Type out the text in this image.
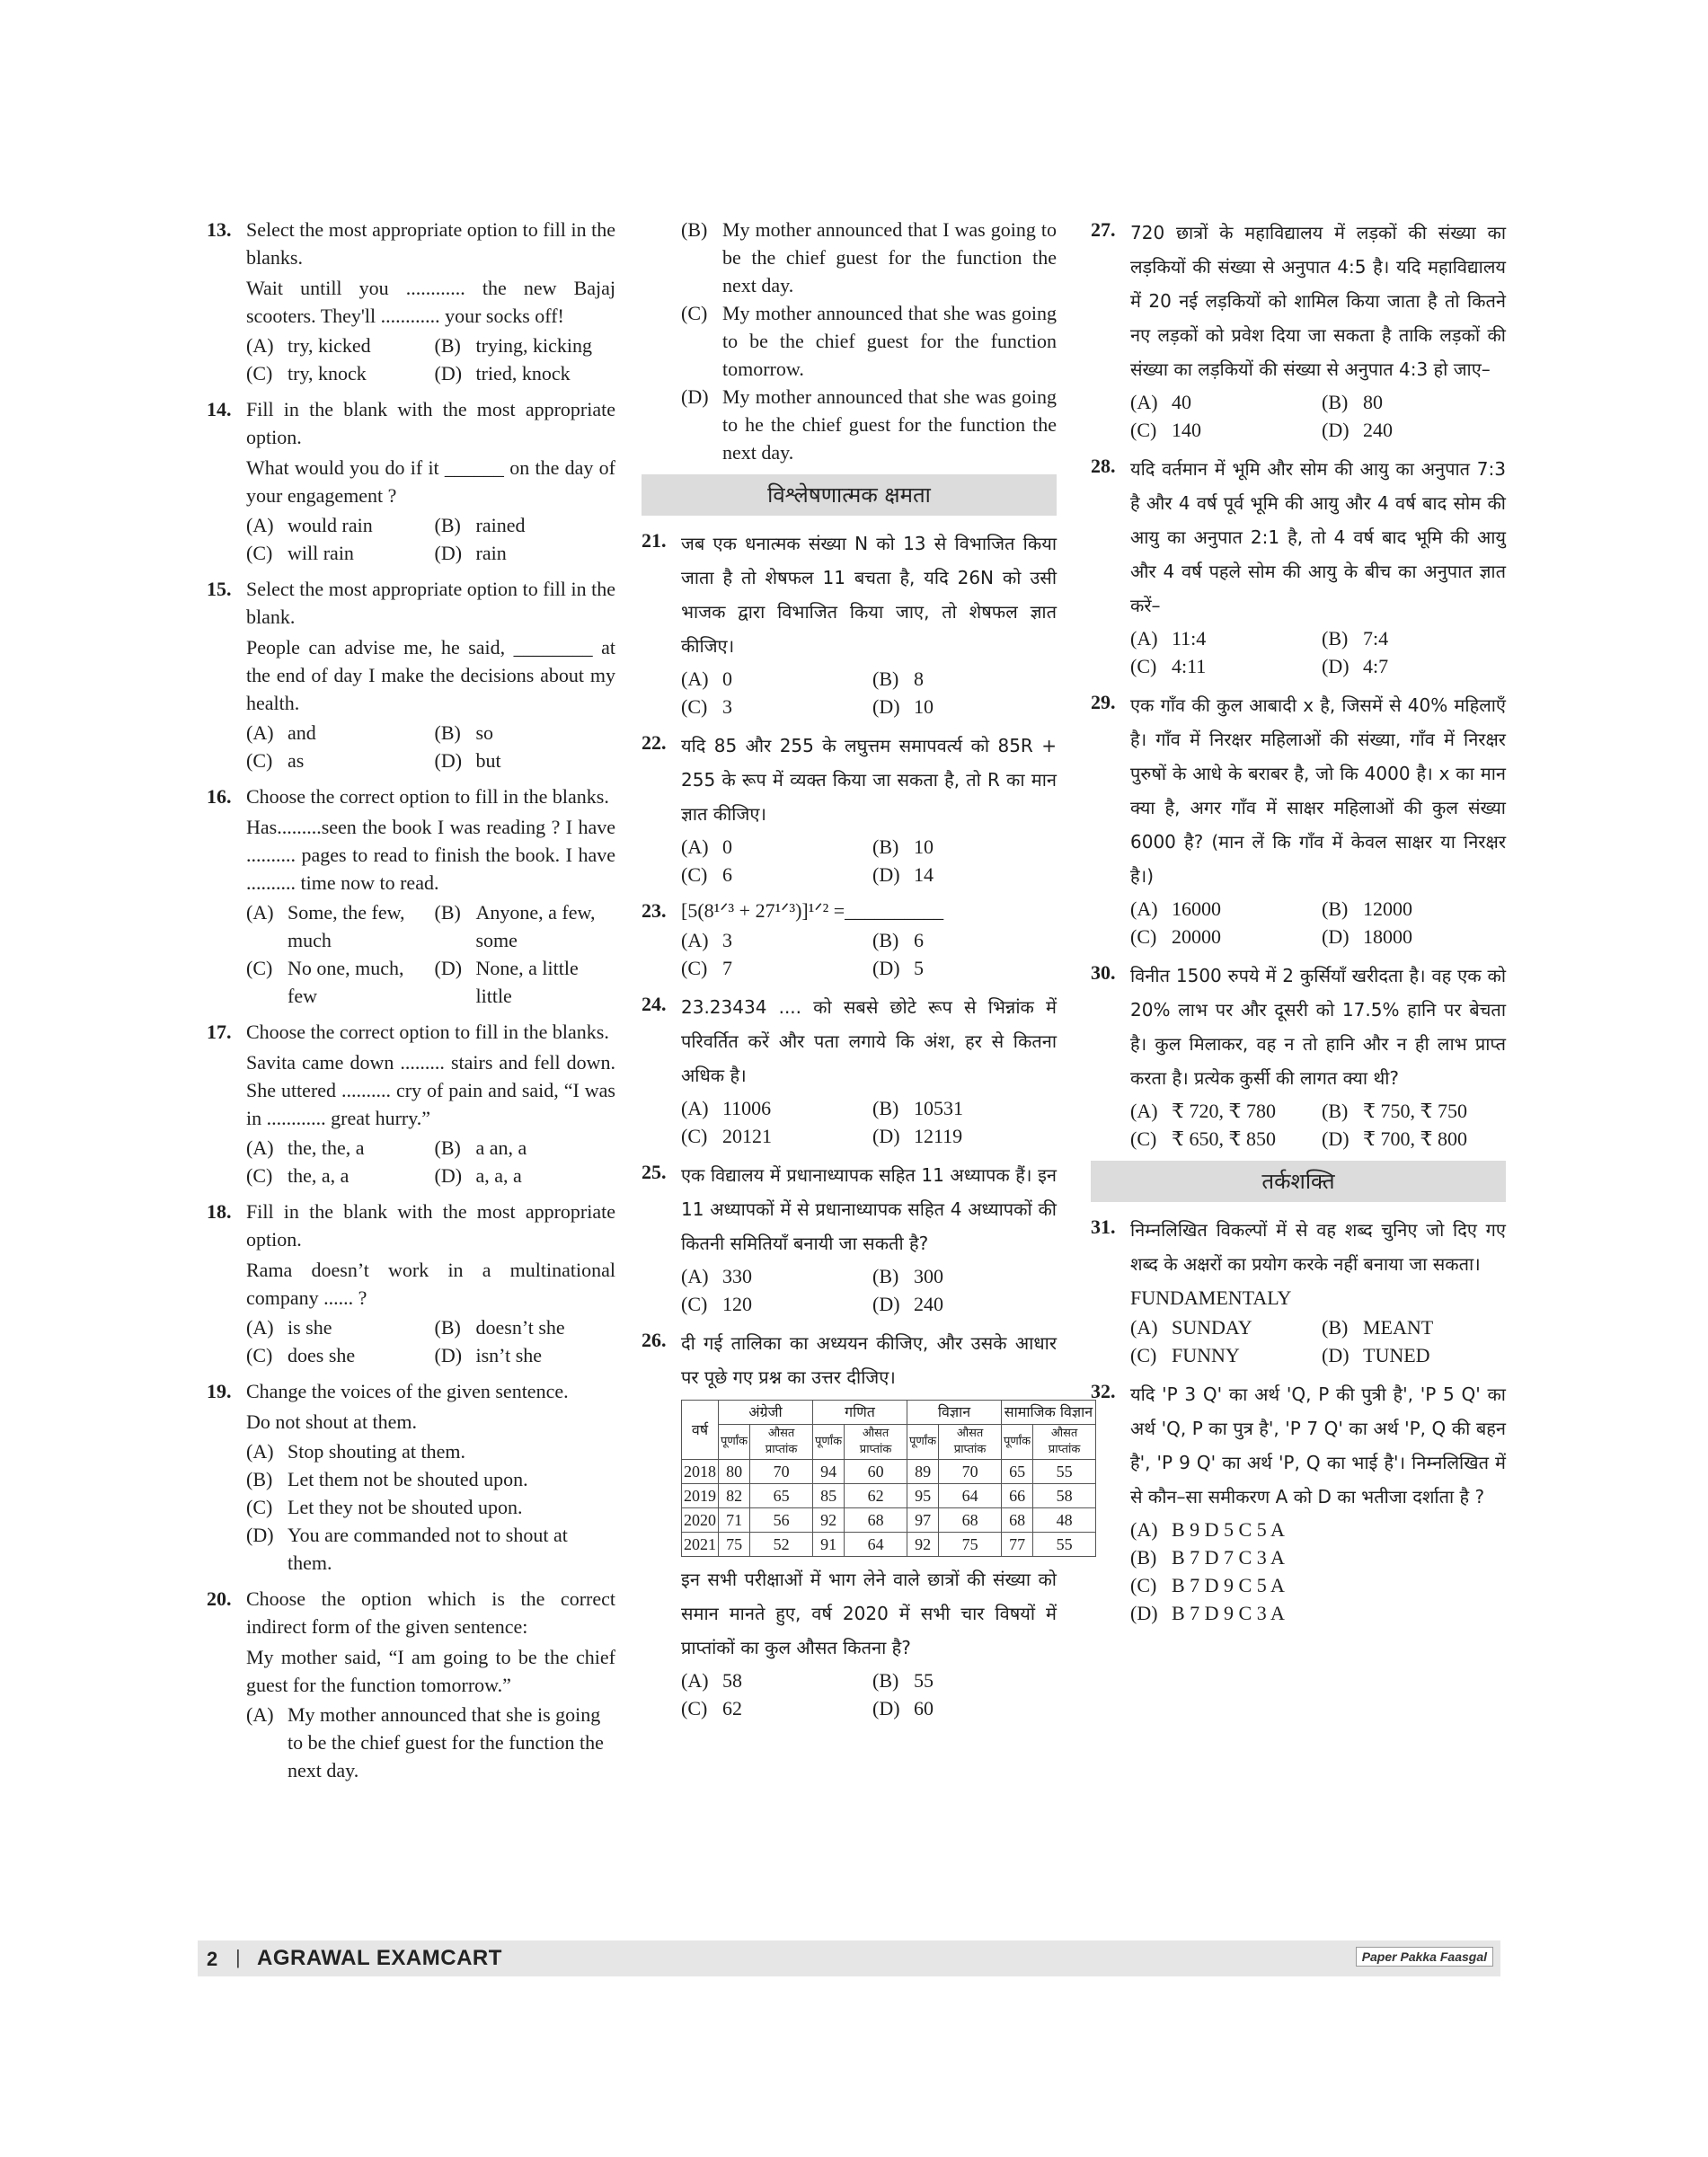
13. Select the most appropriate option to fill in the blanks.
Wait untill you ............ the new Bajaj scooters. They'll ............ your socks off!
(A) try, kicked	(B) trying, kicking
(C) try, knock	(D) tried, knock
14. Fill in the blank with the most appropriate option.
What would you do if it ______ on the day of your engagement ?
(A) would rain	(B) rained
(C) will rain	(D) rain
15. Select the most appropriate option to fill in the blank.
People can advise me, he said, ________ at the end of day I make the decisions about my health.
(A) and	(B) so
(C) as	(D) but
16. Choose the correct option to fill in the blanks.
Has.........seen the book I was reading ? I have .......... pages to read to finish the book. I have .......... time now to read.
(A) Some, the few, much
(B) Anyone, a few, some
(C) No one, much, few
(D) None, a little little
17. Choose the correct option to fill in the blanks.
Savita came down ......... stairs and fell down. She uttered .......... cry of pain and said, “I was in ............ great hurry.”
(A) the, the, a	(B) a an, a
(C) the, a, a	(D) a, a, a
18. Fill in the blank with the most appropriate option.
Rama doesn’t work in a multinational company ...... ?
(A) is she	(B) doesn’t she
(C) does she	(D) isn’t she
19. Change the voices of the given sentence.
Do not shout at them.
(A) Stop shouting at them.
(B) Let them not be shouted upon.
(C) Let they not be shouted upon.
(D) You are commanded not to shout at them.
20. Choose the option which is the correct indirect form of the given sentence:
My mother said, “I am going to be the chief guest for the function tomorrow.”
(A) My mother announced that she is going to be the chief guest for the function the next day.
(B) My mother announced that I was going to be the chief guest for the function the next day.
(C) My mother announced that she was going to be the chief guest for the function tomorrow.
(D) My mother announced that she was going to he the chief guest for the function the next day.
विश्लेषणात्मक क्षमता
21. जब एक धनात्मक संख्या N को 13 से विभाजित किया जाता है तो शेषफल 11 बचता है, यदि 26N को उसी भाजक द्वारा विभाजित किया जाए, तो शेषफल ज्ञात कीजिए।
(A) 0	(B) 8
(C) 3	(D) 10
22. यदि 85 और 255 के लघुत्तम समापवर्त्य को 85R + 255 के रूप में व्यक्त किया जा सकता है, तो R का मान ज्ञात कीजिए।
(A) 0	(B) 10
(C) 6	(D) 14
23. [5(8¹ᐟ³ + 27¹ᐟ³)]¹ᐟ² =__________
(A) 3	(B) 6
(C) 7	(D) 5
24. 23.23434 .... को सबसे छोटे रूप से भिन्नांक में परिवर्तित करें और पता लगाये कि अंश, हर से कितना अधिक है।
(A) 11006	(B) 10531
(C) 20121	(D) 12119
25. एक विद्यालय में प्रधानाध्यापक सहित 11 अध्यापक हैं। इन 11 अध्यापकों में से प्रधानाध्यापक सहित 4 अध्यापकों की कितनी समितियाँ बनायी जा सकती है?
(A) 330	(B) 300
(C) 120	(D) 240
26. दी गई तालिका का अध्ययन कीजिए, और उसके आधार पर पूछे गए प्रश्न का उत्तर दीजिए।
वर्ष	अंग्रेजी		गणित		विज्ञान		सामाजिक विज्ञान	
	पूर्णांक	औसत प्राप्तांक	पूर्णांक	औसत प्राप्तांक	पूर्णांक	औसत प्राप्तांक	पूर्णांक	औसत प्राप्तांक
2018	80	70	94	60	89	70	65	55
2019	82	65	85	62	95	64	66	58
2020	71	56	92	68	97	68	68	48
2021	75	52	91	64	92	75	77	55
इन सभी परीक्षाओं में भाग लेने वाले छात्रों की संख्या को समान मानते हुए, वर्ष 2020 में सभी चार विषयों में प्राप्तांकों का कुल औसत कितना है?
(A) 58	(B) 55
(C) 62	(D) 60
27. 720 छात्रों के महाविद्यालय में लड़कों की संख्या का लड़कियों की संख्या से अनुपात 4:5 है। यदि महाविद्यालय में 20 नई लड़कियों को शामिल किया जाता है तो कितने नए लड़कों को प्रवेश दिया जा सकता है ताकि लड़कों की संख्या का लड़कियों की संख्या से अनुपात 4:3 हो जाए–
(A) 40	(B) 80
(C) 140	(D) 240
28. यदि वर्तमान में भूमि और सोम की आयु का अनुपात 7:3 है और 4 वर्ष पूर्व भूमि की आयु और 4 वर्ष बाद सोम की आयु का अनुपात 2:1 है, तो 4 वर्ष बाद भूमि की आयु और 4 वर्ष पहले सोम की आयु के बीच का अनुपात ज्ञात करें–
(A) 11:4	(B) 7:4
(C) 4:11	(D) 4:7
29. एक गाँव की कुल आबादी x है, जिसमें से 40% महिलाएँ है। गाँव में निरक्षर महिलाओं की संख्या, गाँव में निरक्षर पुरुषों के आधे के बराबर है, जो कि 4000 है। x का मान क्या है, अगर गाँव में साक्षर महिलाओं की कुल संख्या 6000 है? (मान लें कि गाँव में केवल साक्षर या निरक्षर है।)
(A) 16000	(B) 12000
(C) 20000	(D) 18000
30. विनीत 1500 रुपये में 2 कुर्सियाँ खरीदता है। वह एक को 20% लाभ पर और दूसरी को 17.5% हानि पर बेचता है। कुल मिलाकर, वह न तो हानि और न ही लाभ प्राप्त करता है। प्रत्येक कुर्सी की लागत क्या थी?
(A) ₹ 720, ₹ 780	(B) ₹ 750, ₹ 750
(C) ₹ 650, ₹ 850	(D) ₹ 700, ₹ 800
तर्कशक्ति
31. निम्नलिखित विकल्पों में से वह शब्द चुनिए जो दिए गए शब्द के अक्षरों का प्रयोग करके नहीं बनाया जा सकता।
FUNDAMENTALY
(A) SUNDAY	(B) MEANT
(C) FUNNY	(D) TUNED
32. यदि 'P 3 Q' का अर्थ 'Q, P की पुत्री है', 'P 5 Q' का अर्थ 'Q, P का पुत्र है', 'P 7 Q' का अर्थ 'P, Q की बहन है', 'P 9 Q' का अर्थ 'P, Q का भाई है'। निम्नलिखित में से कौन–सा समीकरण A को D का भतीजा दर्शाता है ?
(A) B 9 D 5 C 5 A
(B) B 7 D 7 C 3 A
(C) B 7 D 9 C 5 A
(D) B 7 D 9 C 3 A
2 | AGRAWAL EXAMCART	Paper Pakka Faasgal
